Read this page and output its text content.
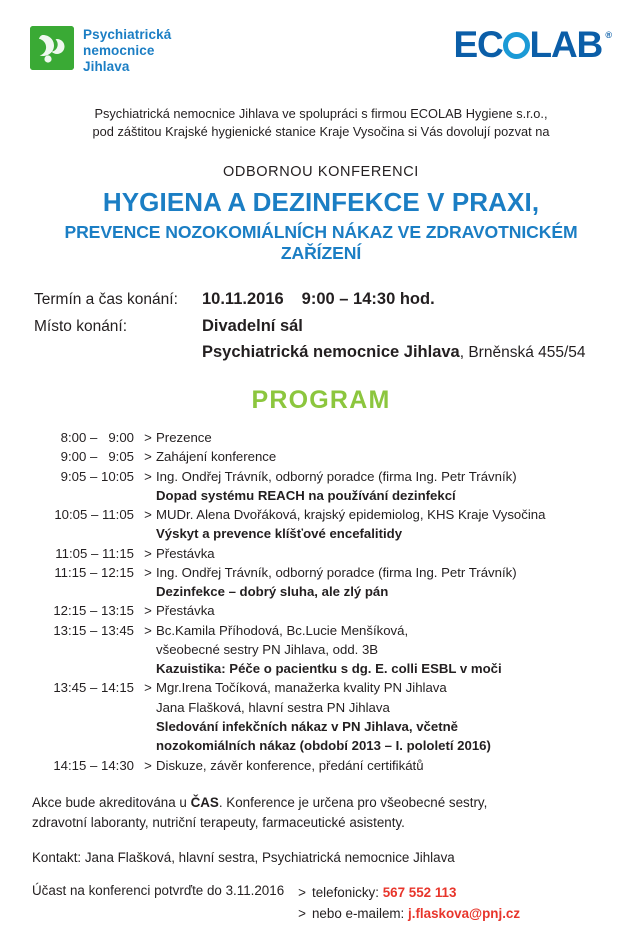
Psychiatrická
nemocnice
Jihlava
EC LAB ®
Psychiatrická nemocnice Jihlava ve spolupráci s firmou ECOLAB Hygiene s.r.o.,
pod záštitou Krajské hygienické stanice Kraje Vysočina si Vás dovolují pozvat na
ODBORNOU KONFERENCI
HYGIENA A DEZINFEKCE V PRAXI,
PREVENCE NOZOKOMIÁLNÍCH NÁKAZ VE ZDRAVOTNICKÉM ZAŘÍZENÍ
Termín a čas konání:	10.11.2016 9:00 – 14:30 hod.
Místo konání:	Divadelní sál
Psychiatrická nemocnice Jihlava, Brněnská 455/54
PROGRAM
8:00 –   9:00 > Prezence
9:00 –   9:05 > Zahájení konference
9:05 – 10:05 > Ing. Ondřej Trávník, odborný poradce (firma Ing. Petr Trávník)
Dopad systému REACH na používání dezinfekcí
10:05 – 11:05 > MUDr. Alena Dvořáková, krajský epidemiolog, KHS Kraje Vysočina
Výskyt a prevence klíšťové encefalitidy
11:05 – 11:15 > Přestávka
11:15 – 12:15 > Ing. Ondřej Trávník, odborný poradce (firma Ing. Petr Trávník)
Dezinfekce – dobrý sluha, ale zlý pán
12:15 – 13:15 > Přestávka
13:15 – 13:45 > Bc.Kamila Příhodová, Bc.Lucie Menšíková,
všeobecné sestry PN Jihlava, odd. 3B
Kazuistika: Péče o pacientku s dg. E. colli ESBL v moči
13:45 – 14:15 > Mgr.Irena Točíková, manažerka kvality PN Jihlava
Jana Flašková, hlavní sestra PN Jihlava
Sledování infekčních nákaz v PN Jihlava, včetně
nozokomiálních nákaz (období 2013 – I. pololetí 2016)
14:15 – 14:30 > Diskuze, závěr konference, předání certifikátů
Akce bude akreditována u ČAS. Konference je určena pro všeobecné sestry,
zdravotní laboranty, nutriční terapeuty, farmaceutické asistenty.
Kontakt: Jana Flašková, hlavní sestra, Psychiatrická nemocnice Jihlava
Účast na konferenci potvrďte do 3.11.2016	> telefonicky: 567 552 113
> nebo e-mailem: j.flaskova@pnj.cz
